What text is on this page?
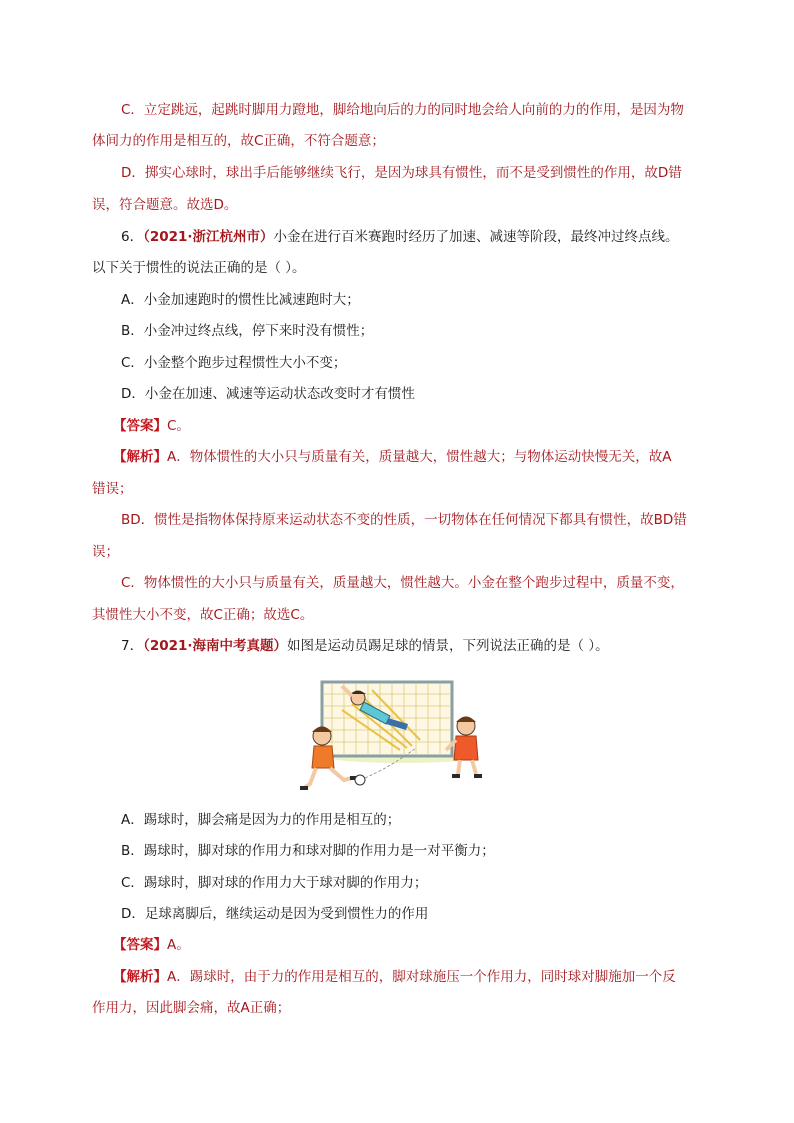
C．立定跳远，起跳时脚用力蹬地，脚给地向后的力的同时地会给人向前的力的作用，是因为物
体间力的作用是相互的，故C正确，不符合题意；
D．掷实心球时，球出手后能够继续飞行，是因为球具有惯性，而不是受到惯性的作用，故D错
误，符合题意。故选D。
6．（2021·浙江杭州市）小金在进行百米赛跑时经历了加速、减速等阶段，最终冲过终点线。
以下关于惯性的说法正确的是（ ）。
A．小金加速跑时的惯性比减速跑时大；
B．小金冲过终点线，停下来时没有惯性；
C．小金整个跑步过程惯性大小不变；
D．小金在加速、减速等运动状态改变时才有惯性
【答案】C。
【解析】A．物体惯性的大小只与质量有关，质量越大，惯性越大；与物体运动快慢无关，故A
错误；
BD．惯性是指物体保持原来运动状态不变的性质，一切物体在任何情况下都具有惯性，故BD错
误；
C．物体惯性的大小只与质量有关，质量越大，惯性越大。小金在整个跑步过程中，质量不变，
其惯性大小不变，故C正确；故选C。
7．（2021·海南中考真题）如图是运动员踢足球的情景，下列说法正确的是（ ）。
A．踢球时，脚会痛是因为力的作用是相互的；
B．踢球时，脚对球的作用力和球对脚的作用力是一对平衡力；
C．踢球时，脚对球的作用力大于球对脚的作用力；
D．足球离脚后，继续运动是因为受到惯性力的作用
【答案】A。
【解析】A．踢球时，由于力的作用是相互的，脚对球施压一个作用力，同时球对脚施加一个反
作用力，因此脚会痛，故A正确；
